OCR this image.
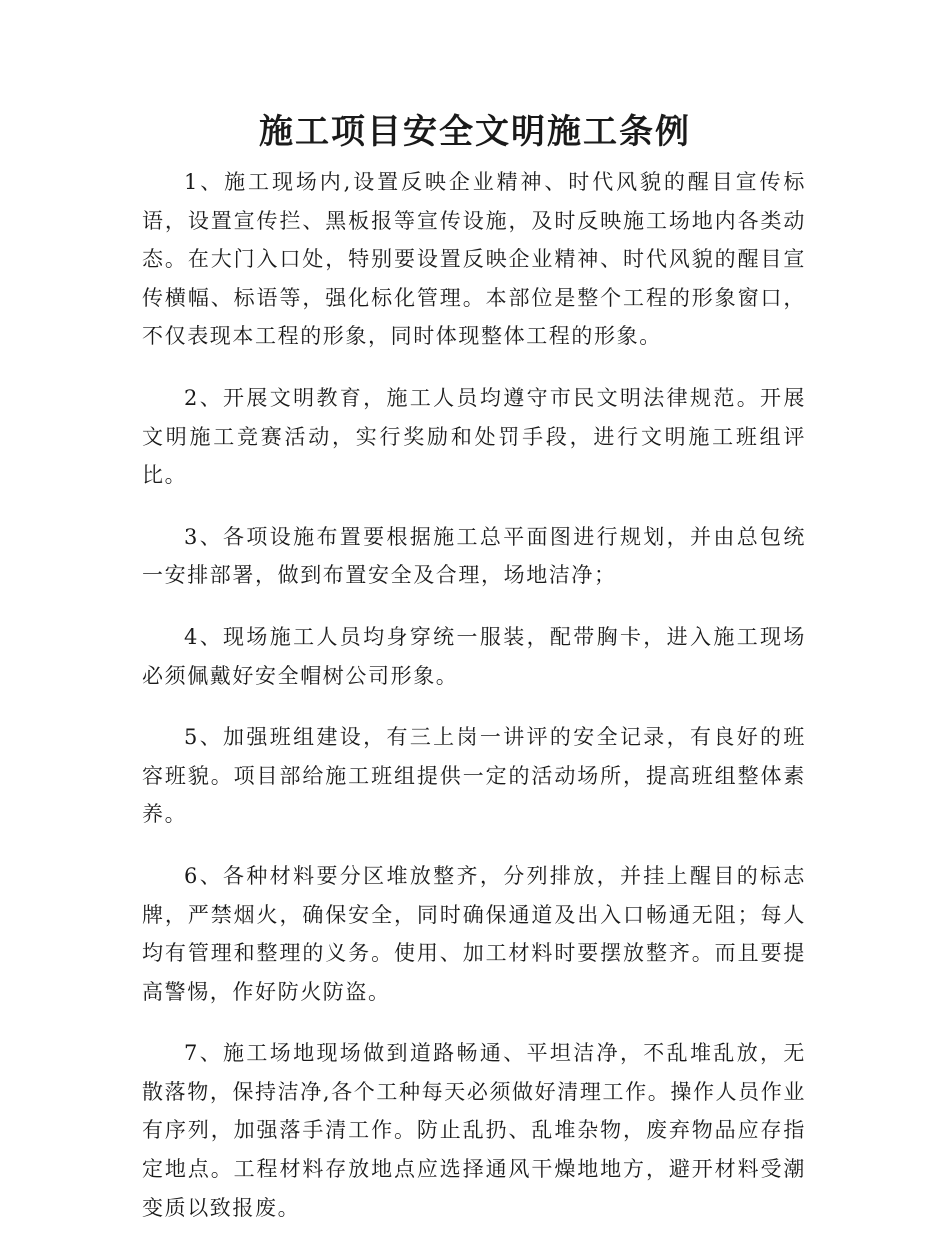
施工项目安全文明施工条例

1、施工现场内,设置反映企业精神、时代风貌的醒目宣传标语，设置宣传拦、黑板报等宣传设施，及时反映施工场地内各类动态。在大门入口处，特别要设置反映企业精神、时代风貌的醒目宣传横幅、标语等，强化标化管理。本部位是整个工程的形象窗口，不仅表现本工程的形象，同时体现整体工程的形象。

2、开展文明教育，施工人员均遵守市民文明法律规范。开展文明施工竞赛活动，实行奖励和处罚手段，进行文明施工班组评比。

3、各项设施布置要根据施工总平面图进行规划，并由总包统一安排部署，做到布置安全及合理，场地洁净；

4、现场施工人员均身穿统一服装，配带胸卡，进入施工现场必须佩戴好安全帽树公司形象。

5、加强班组建设，有三上岗一讲评的安全记录，有良好的班容班貌。项目部给施工班组提供一定的活动场所，提高班组整体素养。

6、各种材料要分区堆放整齐，分列排放，并挂上醒目的标志牌，严禁烟火，确保安全，同时确保通道及出入口畅通无阻；每人均有管理和整理的义务。使用、加工材料时要摆放整齐。而且要提高警惕，作好防火防盗。

7、施工场地现场做到道路畅通、平坦洁净，不乱堆乱放，无散落物，保持洁净,各个工种每天必须做好清理工作。操作人员作业有序列，加强落手清工作。防止乱扔、乱堆杂物，废弃物品应存指定地点。工程材料存放地点应选择通风干燥地地方，避开材料受潮变质以致报废。
